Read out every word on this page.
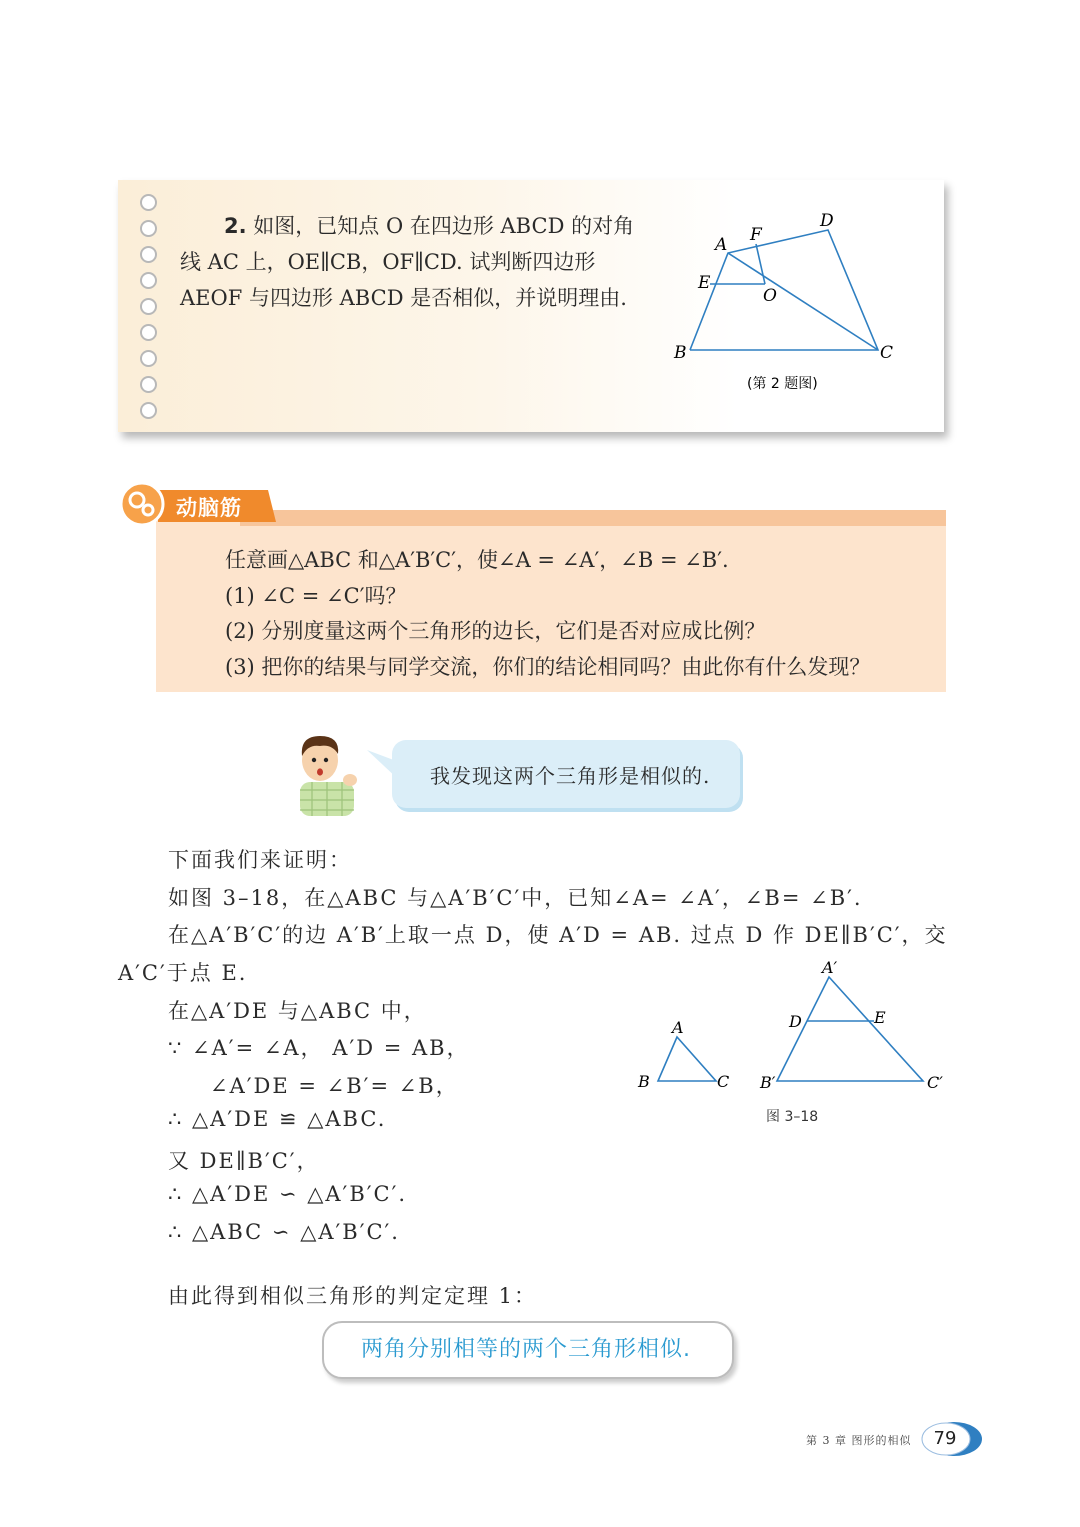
2. 如图，已知点 O 在四边形 ABCD 的对角
线 AC 上，OE∥CB，OF∥CD. 试判断四边形
AEOF 与四边形 ABCD 是否相似，并说明理由.
A
B	C
D
E
F
O
(第 2 题图)
动脑筋
任意画△ABC 和△A′B′C′，使∠A = ∠A′，∠B = ∠B′.
(1) ∠C = ∠C′吗？
(2) 分别度量这两个三角形的边长，它们是否对应成比例？
(3) 把你的结果与同学交流，你们的结论相同吗？由此你有什么发现？
我发现这两个三角形是相似的.
下面我们来证明：
如图 3–18，在△ABC 与△A′B′C′中，已知∠A= ∠A′，∠B= ∠B′.
在△A′B′C′的边 A′B′上取一点 D，使 A′D = AB. 过点 D 作 DE∥B′C′，交
A′C′于点 E.
在△A′DE 与△ABC 中，
∵ ∠A′= ∠A， A′D = AB，
∠A′DE = ∠B′= ∠B，
∴ △A′DE ≌ △ABC.
又 DE∥B′C′，
∴ △A′DE ∽ △A′B′C′.
∴ △ABC ∽ △A′B′C′.
由此得到相似三角形的判定定理 1：
A
B	C
A′
B′	C′
D	E
图 3–18
两角分别相等的两个三角形相似.
第 3 章 图形的相似	79
